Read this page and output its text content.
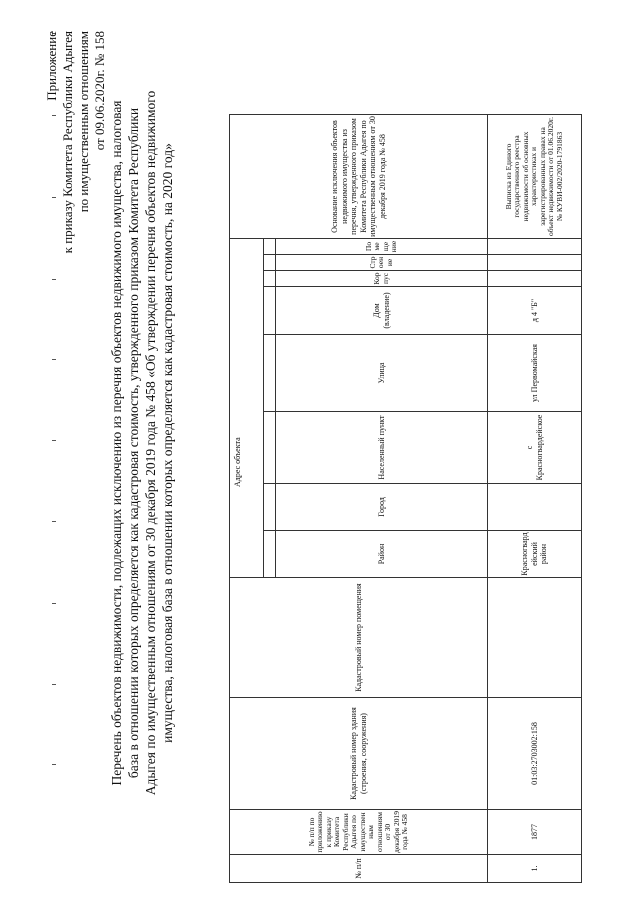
Приложение к приказу Комитета Республики Адыгея по имущественным отношениям от 09.06.2020г. № 158
Перечень объектов недвижимости, подлежащих исключению из перечня объектов недвижимого имущества, налоговая база в отношении которых определяется как кадастровая стоимость, утвержденного приказом Комитета Республики Адыгея по имущественным отношениям от 30 декабря 2019 года № 458 «Об утверждении перечня объектов недвижимого имущества, налоговая база в отношении которых определяется как кадастровая стоимость, на 2020 год»
№ п/п	№ п/п по приложению к приказу Комитета Республики Адыгея по имущественным отношениям от 30 декабря 2019 года № 458	Кадастровый номер здания (строения, сооружения)	Кадастровый номер помещения	Адрес объекта								Основание исключения объектов недвижимого имущества из перечня, утвержденного приказом Комитета Республики Адыгея по имущественным отношениям от 30 декабря 2019 года № 458

				Район	Город	Населенный пункт	Улица	Дом (владение)	Корпус	Строение	Помещение	
1.	1877	01:03:2703002:158		Красногвардейский район		с Красногвардейское	ул Первомайская	д 4 "Б"				Выписка из Единого государственного реестра недвижимости об основных характеристиках и зарегистрированных правах на объект недвижимости от 01.06.2020г. № КУВИ-002/2020-1791863
